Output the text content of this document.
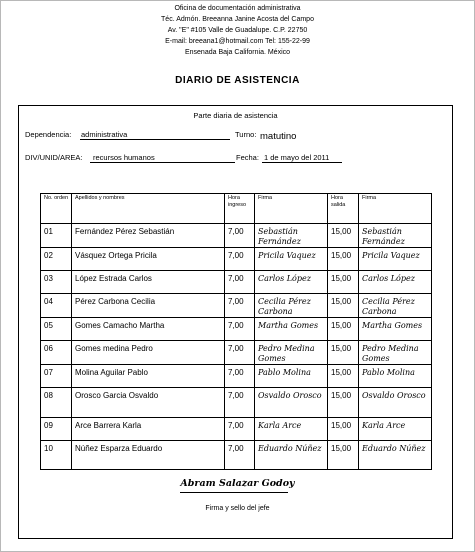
Oficina de documentación administrativa
Téc. Admón. Breeanna Janine Acosta del Campo
Av. "E" #105 Valle de Guadalupe. C.P. 22750
E-mail: breeana1@hotmail.com Tel: 155-22-99
Ensenada Baja California. México
DIARIO DE ASISTENCIA
Parte diaria de asistencia
Dependencia: administrativa	Turno: matutino
DIV/UNID/AREA: recursos humanos	Fecha: 1 de mayo del 2011
No. orden	Apellidos y nombres	Hora ingreso	Firma	Hora salida	Firma
01	Fernández Pérez Sebastián	7,00	Sebastián Fernández	15,00	Sebastián Fernández
02	Vásquez Ortega Pricila	7,00	Pricila Vaquez	15,00	Pricila Vaquez
03	López Estrada Carlos	7,00	Carlos López	15,00	Carlos López
04	Pérez Carbona Cecilia	7,00	Cecilia Pérez Carbona	15,00	Cecilia Pérez Carbona
05	Gomes Camacho Martha	7,00	Martha Gomes	15,00	Martha Gomes
06	Gomes medina Pedro	7,00	Pedro Medina Gomes	15,00	Pedro Medina Gomes
07	Molina Aguilar Pablo	7,00	Pablo Molina	15,00	Pablo Molina
08	Orosco Garcia Osvaldo	7,00	Osvaldo Orosco	15,00	Osvaldo Orosco
09	Arce Barrera Karla	7,00	Karla Arce	15,00	Karla Arce
10	Núñez Esparza Eduardo	7,00	Eduardo Núñez	15,00	Eduardo Núñez
Abram Salazar Godoy
Firma y sello del jefe
